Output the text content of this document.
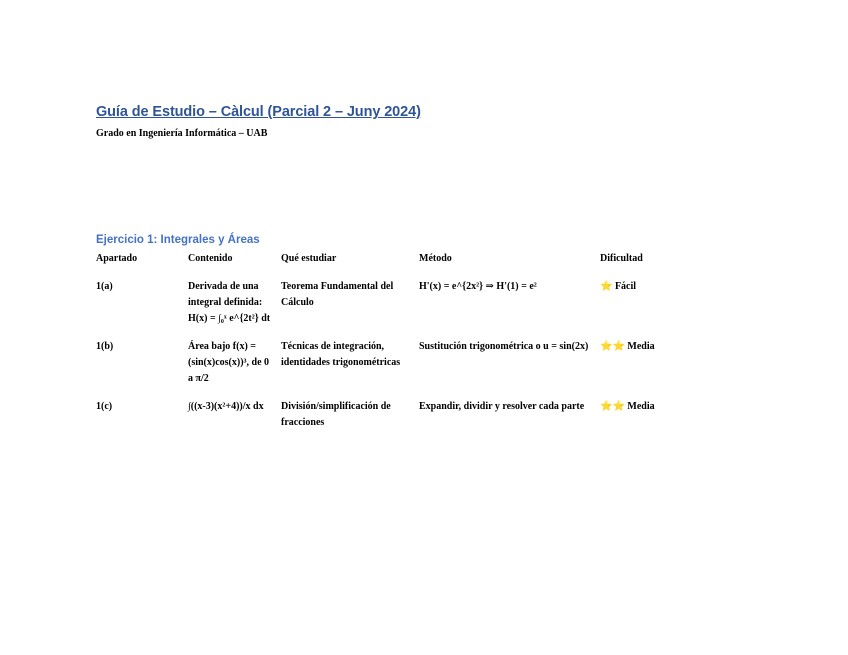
Guía de Estudio – Càlcul (Parcial 2 – Juny 2024)
Grado en Ingeniería Informática – UAB
Ejercicio 1: Integrales y Áreas
Apartado	Contenido	Qué estudiar	Método	Dificultad
1(a)	Derivada de una integral definida: H(x) = ∫₀ˣ e^{2t²} dt	Teorema Fundamental del Cálculo	H'(x) = e^{2x²} ⇒ H'(1) = e²	⭐ Fácil
1(b)	Área bajo f(x) = (sin(x)cos(x))³, de 0 a π/2	Técnicas de integración, identidades trigonométricas	Sustitución trigonométrica o u = sin(2x)	⭐⭐ Media
1(c)	∫((x-3)(x²+4))/x dx	División/simplificación de fracciones	Expandir, dividir y resolver cada parte	⭐⭐ Media
